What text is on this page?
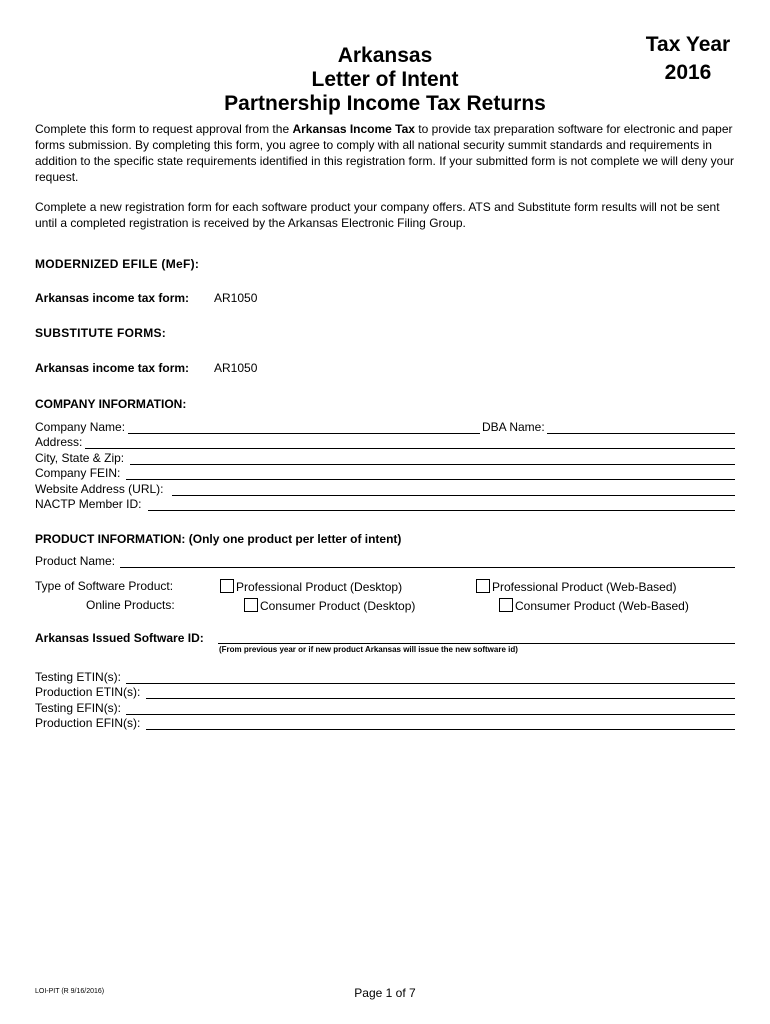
Arkansas
Letter of Intent
Partnership Income Tax Returns
Tax Year
2016

Complete this form to request approval from the Arkansas Income Tax to provide tax preparation software for electronic and paper forms submission. By completing this form, you agree to comply with all national security summit standards and requirements in addition to the specific state requirements identified in this registration form. If your submitted form is not complete we will deny your request.

Complete a new registration form for each software product your company offers. ATS and Substitute form results will not be sent until a completed registration is received by the Arkansas Electronic Filing Group.

MODERNIZED EFILE (MeF):
Arkansas income tax form: AR1050
SUBSTITUTE FORMS:
Arkansas income tax form: AR1050
COMPANY INFORMATION:
Company Name:	DBA Name:
Address:
City, State & Zip:
Company FEIN:
Website Address (URL):
NACTP Member ID:
PRODUCT INFORMATION: (Only one product per letter of intent)
Product Name:
Type of Software Product:	Professional Product (Desktop)	Professional Product (Web-Based)
Online Products:	Consumer Product (Desktop)	Consumer Product (Web-Based)
Arkansas Issued Software ID:
(From previous year or if new product Arkansas will issue the new software id)
Testing ETIN(s):
Production ETIN(s):
Testing EFIN(s):
Production EFIN(s):
LOI-PIT (R 9/16/2016)	Page 1 of 7
